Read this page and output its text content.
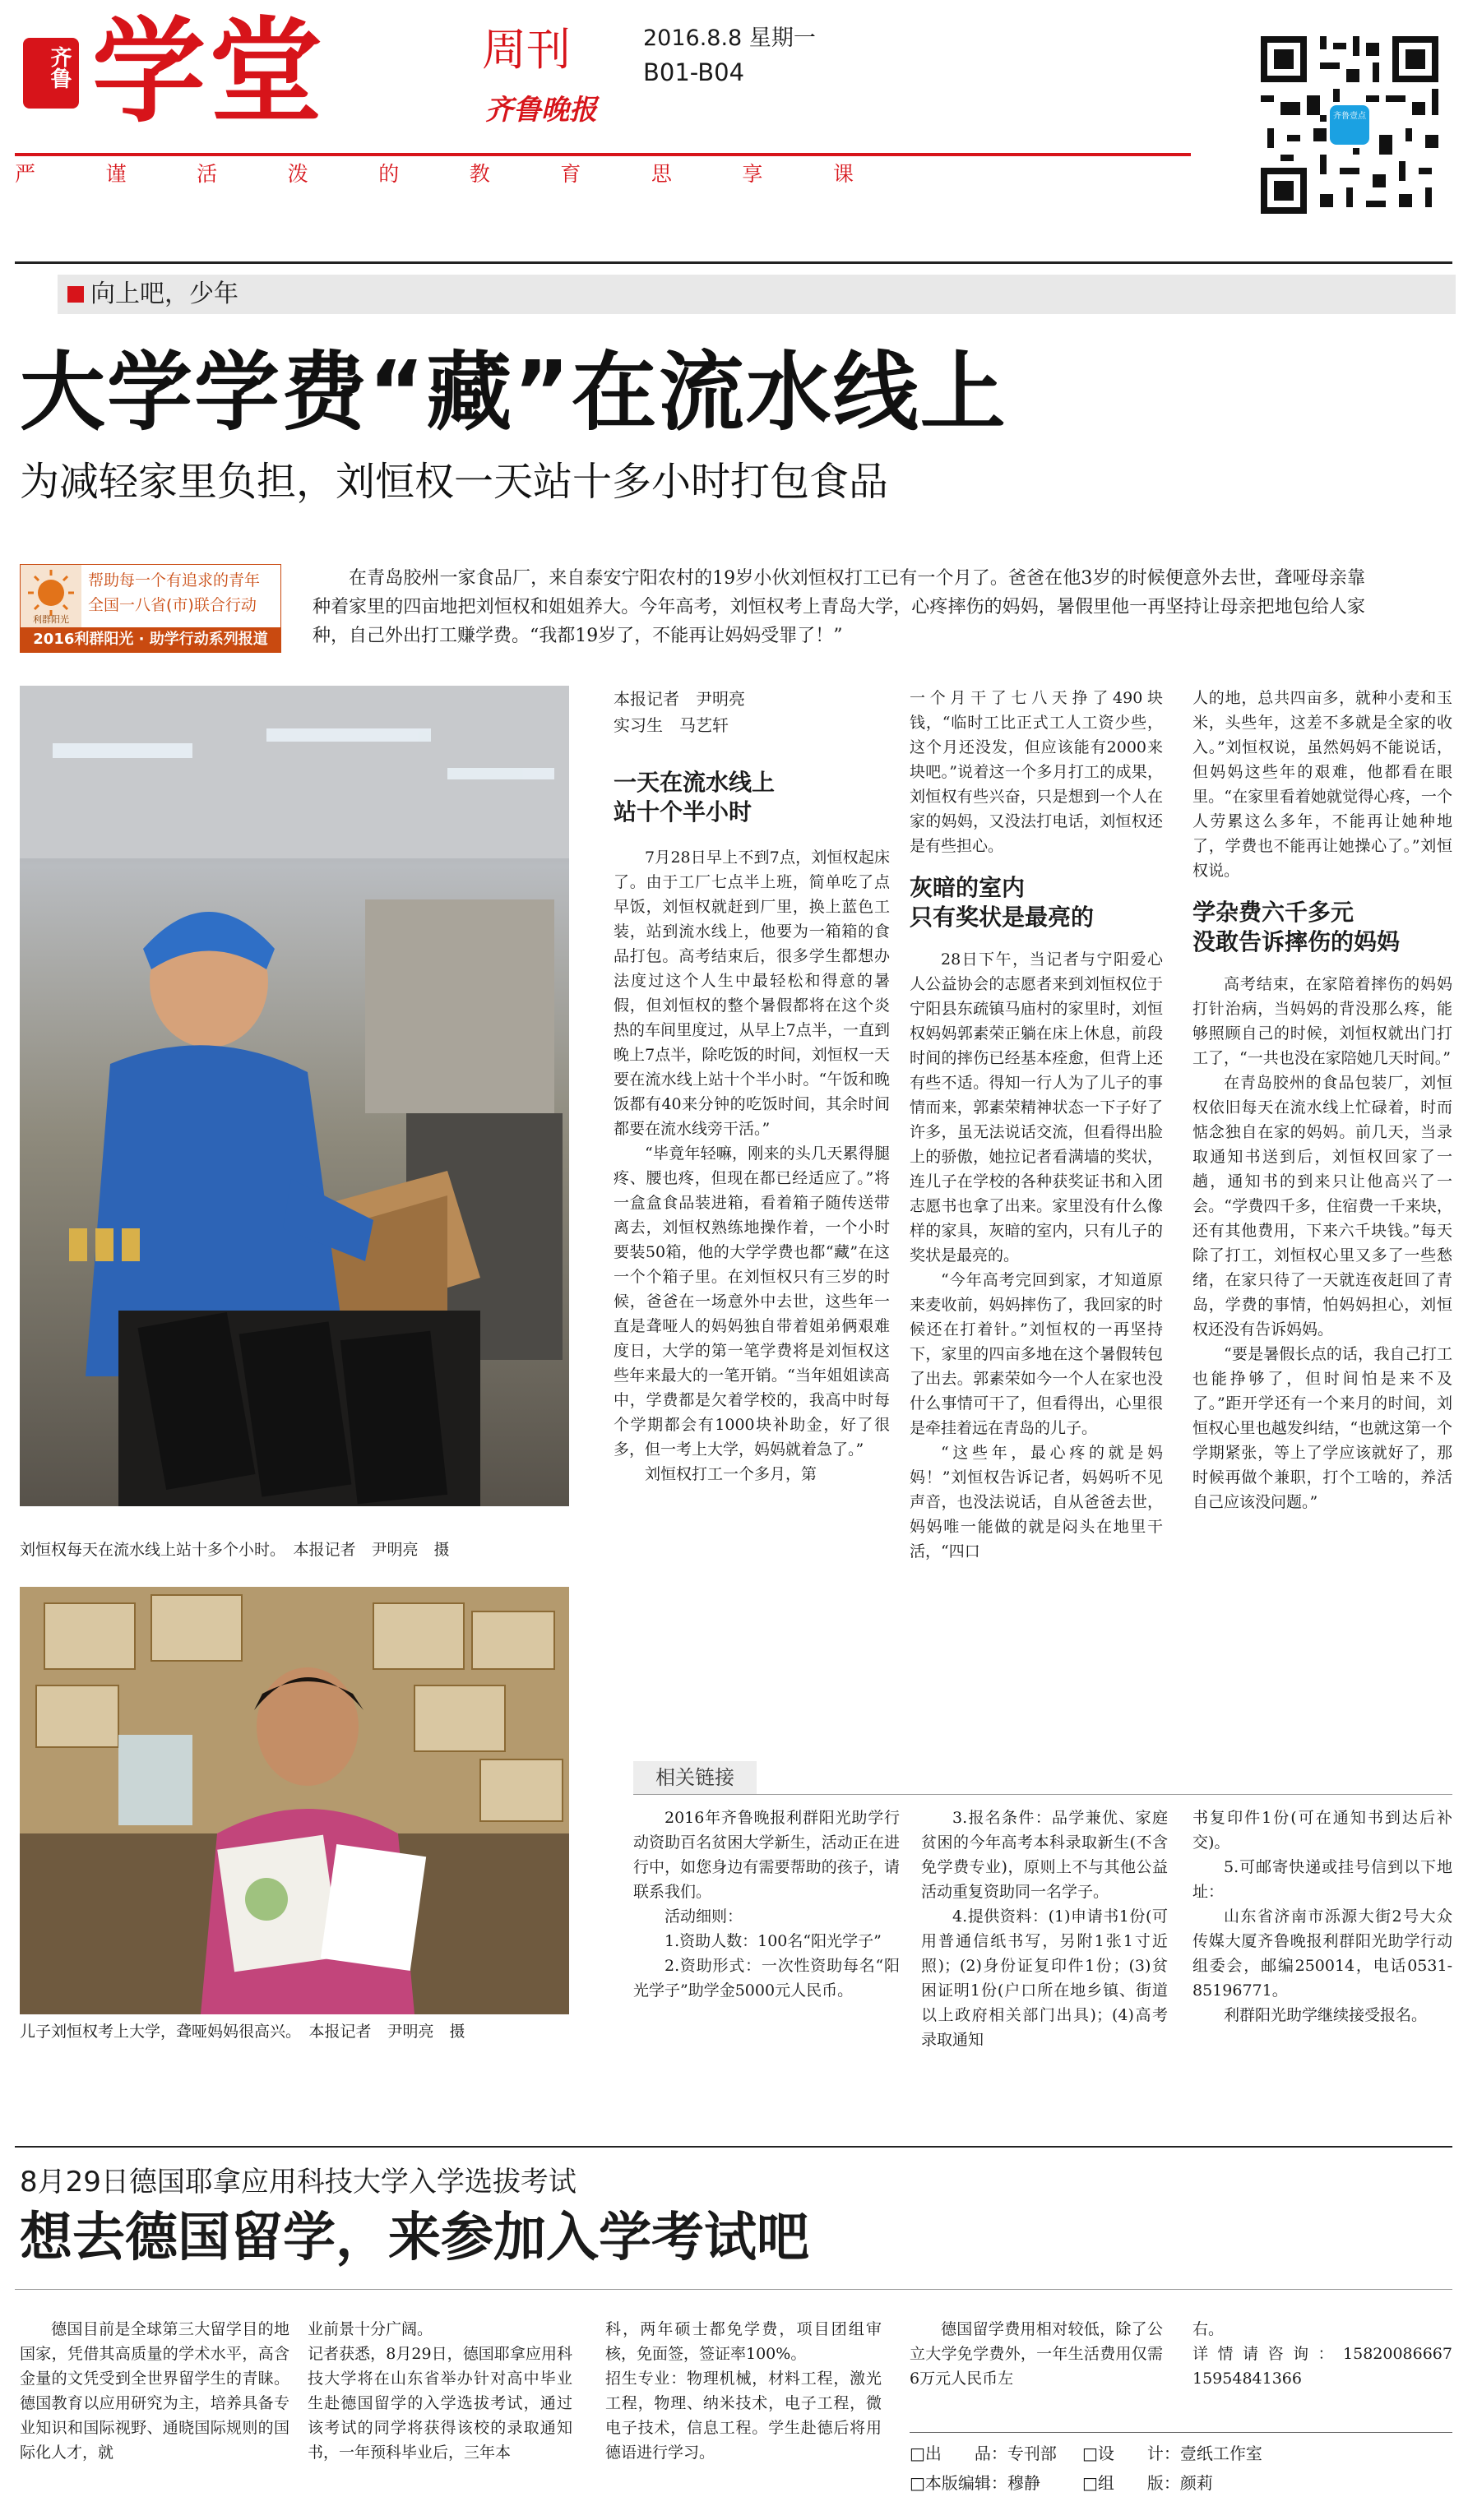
齐鲁 学堂	周刊
齐鲁晚报
2016.8.8 星期一
B01-B04
严	谨	活	泼	的	教	育	思	享	课
齐鲁壹点
向上吧，少年
大学学费“藏”在流水线上
为减轻家里负担，刘恒权一天站十多小时打包食品
利群阳光
帮助每一个有追求的青年
全国一八省(市)联合行动
2016利群阳光 · 助学行动系列报道
在青岛胶州一家食品厂，来自泰安宁阳农村的19岁小伙刘恒权打工已有一个月了。爸爸在他3岁的时候便意外去世，聋哑母亲靠种着家里的四亩地把刘恒权和姐姐养大。今年高考，刘恒权考上青岛大学，心疼摔伤的妈妈，暑假里他一再坚持让母亲把地包给人家种，自己外出打工赚学费。“我都19岁了，不能再让妈妈受罪了！”
刘恒权每天在流水线上站十多个小时。　本报记者　尹明亮　摄
儿子刘恒权考上大学，聋哑妈妈很高兴。　本报记者　尹明亮　摄
本报记者　尹明亮
实习生　马艺轩
一天在流水线上
站十个半小时

7月28日早上不到7点，刘恒权起床了。由于工厂七点半上班，简单吃了点早饭，刘恒权就赶到厂里，换上蓝色工装，站到流水线上，他要为一箱箱的食品打包。高考结束后，很多学生都想办法度过这个人生中最轻松和得意的暑假，但刘恒权的整个暑假都将在这个炎热的车间里度过，从早上7点半，一直到晚上7点半，除吃饭的时间，刘恒权一天要在流水线上站十个半小时。“午饭和晚饭都有40来分钟的吃饭时间，其余时间都要在流水线旁干活。”

“毕竟年轻嘛，刚来的头几天累得腿疼、腰也疼，但现在都已经适应了。”将一盒盒食品装进箱，看着箱子随传送带离去，刘恒权熟练地操作着，一个小时要装50箱，他的大学学费也都“藏”在这一个个箱子里。在刘恒权只有三岁的时候，爸爸在一场意外中去世，这些年一直是聋哑人的妈妈独自带着姐弟俩艰难度日，大学的第一笔学费将是刘恒权这些年来最大的一笔开销。“当年姐姐读高中，学费都是欠着学校的，我高中时每个学期都会有1000块补助金，好了很多，但一考上大学，妈妈就着急了。”

刘恒权打工一个多月，第

一个月干了七八天挣了490块钱，“临时工比正式工人工资少些，这个月还没发，但应该能有2000来块吧。”说着这一个多月打工的成果，刘恒权有些兴奋，只是想到一个人在家的妈妈，又没法打电话，刘恒权还是有些担心。

灰暗的室内
只有奖状是最亮的

28日下午，当记者与宁阳爱心人公益协会的志愿者来到刘恒权位于宁阳县东疏镇马庙村的家里时，刘恒权妈妈郭素荣正躺在床上休息，前段时间的摔伤已经基本痊愈，但背上还有些不适。得知一行人为了儿子的事情而来，郭素荣精神状态一下子好了许多，虽无法说话交流，但看得出脸上的骄傲，她拉记者看满墙的奖状，连儿子在学校的各种获奖证书和入团志愿书也拿了出来。家里没有什么像样的家具，灰暗的室内，只有儿子的奖状是最亮的。

“今年高考完回到家，才知道原来麦收前，妈妈摔伤了，我回家的时候还在打着针。”刘恒权的一再坚持下，家里的四亩多地在这个暑假转包了出去。郭素荣如今一个人在家也没什么事情可干了，但看得出，心里很是牵挂着远在青岛的儿子。

“这些年，最心疼的就是妈妈！”刘恒权告诉记者，妈妈听不见声音，也没法说话，自从爸爸去世，妈妈唯一能做的就是闷头在地里干活，“四口

人的地，总共四亩多，就种小麦和玉米，头些年，这差不多就是全家的收入。”刘恒权说，虽然妈妈不能说话，但妈妈这些年的艰难，他都看在眼里。“在家里看着她就觉得心疼，一个人劳累这么多年，不能再让她种地了，学费也不能再让她操心了。”刘恒权说。

学杂费六千多元
没敢告诉摔伤的妈妈

高考结束，在家陪着摔伤的妈妈打针治病，当妈妈的背没那么疼，能够照顾自己的时候，刘恒权就出门打工了，“一共也没在家陪她几天时间。”

在青岛胶州的食品包装厂，刘恒权依旧每天在流水线上忙碌着，时而惦念独自在家的妈妈。前几天，当录取通知书送到后，刘恒权回家了一趟，通知书的到来只让他高兴了一会。“学费四千多，住宿费一千来块，还有其他费用，下来六千块钱。”每天除了打工，刘恒权心里又多了一些愁绪，在家只待了一天就连夜赶回了青岛，学费的事情，怕妈妈担心，刘恒权还没有告诉妈妈。

“要是暑假长点的话，我自己打工也能挣够了，但时间怕是来不及了。”距开学还有一个来月的时间，刘恒权心里也越发纠结，“也就这第一个学期紧张，等上了学应该就好了，那时候再做个兼职，打个工啥的，养活自己应该没问题。”

相关链接

2016年齐鲁晚报利群阳光助学行动资助百名贫困大学新生，活动正在进行中，如您身边有需要帮助的孩子，请联系我们。

活动细则：

1.资助人数：100名“阳光学子”

2.资助形式：一次性资助每名“阳光学子”助学金5000元人民币。

3.报名条件：品学兼优、家庭贫困的今年高考本科录取新生(不含免学费专业)，原则上不与其他公益活动重复资助同一名学子。

4.提供资料：(1)申请书1份(可用普通信纸书写，另附1张1寸近照)；(2)身份证复印件1份；(3)贫困证明1份(户口所在地乡镇、街道以上政府相关部门出具)；(4)高考录取通知

书复印件1份(可在通知书到达后补交)。

5.可邮寄快递或挂号信到以下地址：

山东省济南市泺源大街2号大众传媒大厦齐鲁晚报利群阳光助学行动组委会，邮编250014，电话0531-85196771。

利群阳光助学继续接受报名。

8月29日德国耶拿应用科技大学入学选拔考试
想去德国留学，来参加入学考试吧

德国目前是全球第三大留学目的地国家，凭借其高质量的学术水平，高含金量的文凭受到全世界留学生的青睐。德国教育以应用研究为主，培养具备专业知识和国际视野、通晓国际规则的国际化人才，就

业前景十分广阔。
记者获悉，8月29日，德国耶拿应用科技大学将在山东省举办针对高中毕业生赴德国留学的入学选拔考试，通过该考试的同学将获得该校的录取通知书，一年预科毕业后，三年本

科，两年硕士都免学费，项目团组审核，免面签，签证率100%。
招生专业：物理机械，材料工程，激光工程，物理、纳米技术，电子工程，微电子技术，信息工程。学生赴德后将用德语进行学习。

德国留学费用相对较低，除了公立大学免学费外，一年生活费用仅需6万元人民币左

右。
详情请咨询：15820086667　15954841366

□出　　品：专刊部 □设　　计：壹纸工作室
□本版编辑：穆静	□组　　版：颜莉
